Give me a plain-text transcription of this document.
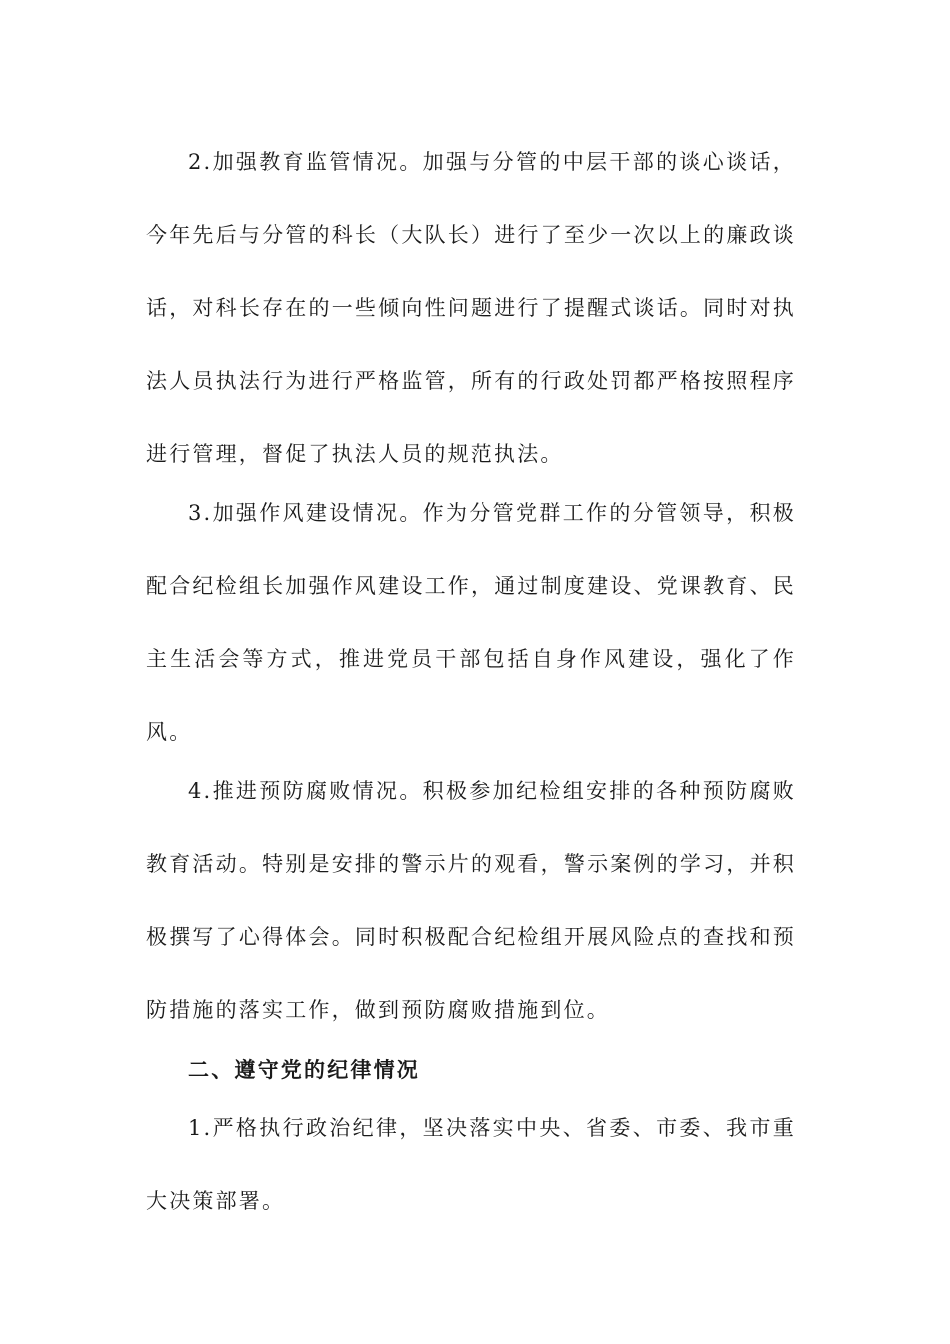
2.加强教育监管情况。加强与分管的中层干部的谈心谈话，今年先后与分管的科长（大队长）进行了至少一次以上的廉政谈话，对科长存在的一些倾向性问题进行了提醒式谈话。同时对执法人员执法行为进行严格监管，所有的行政处罚都严格按照程序进行管理，督促了执法人员的规范执法。

3.加强作风建设情况。作为分管党群工作的分管领导，积极配合纪检组长加强作风建设工作，通过制度建设、党课教育、民主生活会等方式，推进党员干部包括自身作风建设，强化了作风。

4.推进预防腐败情况。积极参加纪检组安排的各种预防腐败教育活动。特别是安排的警示片的观看，警示案例的学习，并积极撰写了心得体会。同时积极配合纪检组开展风险点的查找和预防措施的落实工作，做到预防腐败措施到位。

二、遵守党的纪律情况

1.严格执行政治纪律，坚决落实中央、省委、市委、我市重大决策部署。
